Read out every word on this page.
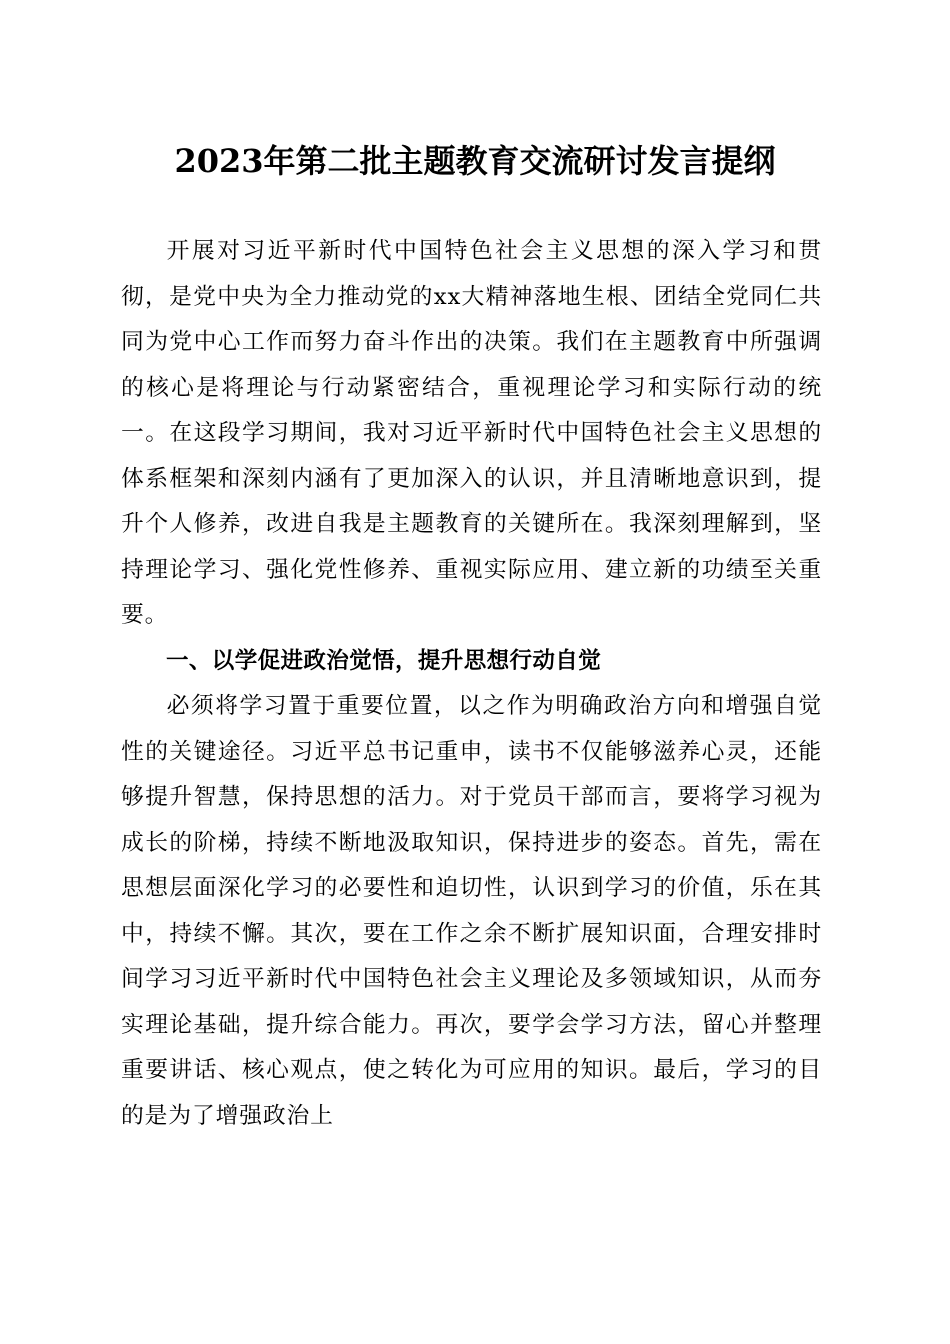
2023年第二批主题教育交流研讨发言提纲

开展对习近平新时代中国特色社会主义思想的深入学习和贯彻，是党中央为全力推动党的xx大精神落地生根、团结全党同仁共同为党中心工作而努力奋斗作出的决策。我们在主题教育中所强调的核心是将理论与行动紧密结合，重视理论学习和实际行动的统一。在这段学习期间，我对习近平新时代中国特色社会主义思想的体系框架和深刻内涵有了更加深入的认识，并且清晰地意识到，提升个人修养，改进自我是主题教育的关键所在。我深刻理解到，坚持理论学习、强化党性修养、重视实际应用、建立新的功绩至关重要。

一、以学促进政治觉悟，提升思想行动自觉

必须将学习置于重要位置，以之作为明确政治方向和增强自觉性的关键途径。习近平总书记重申，读书不仅能够滋养心灵，还能够提升智慧，保持思想的活力。对于党员干部而言，要将学习视为成长的阶梯，持续不断地汲取知识，保持进步的姿态。首先，需在思想层面深化学习的必要性和迫切性，认识到学习的价值，乐在其中，持续不懈。其次，要在工作之余不断扩展知识面，合理安排时间学习习近平新时代中国特色社会主义理论及多领域知识，从而夯实理论基础，提升综合能力。再次，要学会学习方法，留心并整理重要讲话、核心观点，使之转化为可应用的知识。最后，学习的目的是为了增强政治上
